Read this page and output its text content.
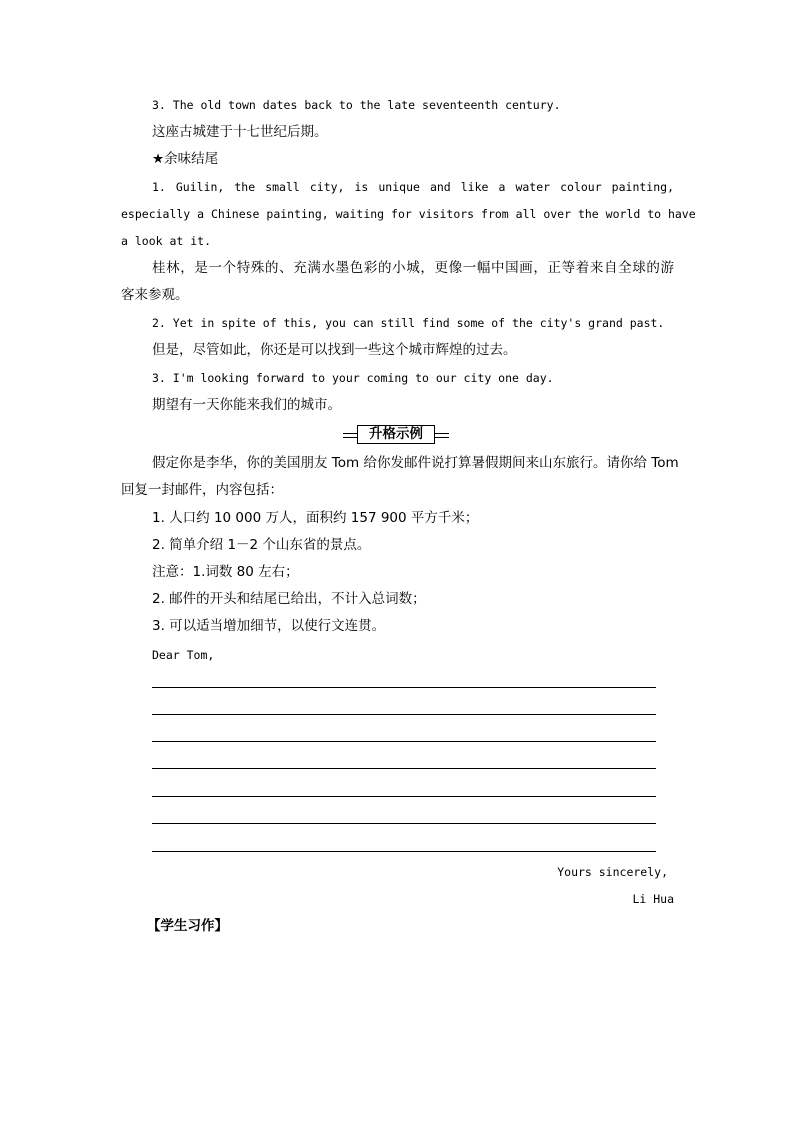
3. The old town dates back to the late seventeenth century.
这座古城建于十七世纪后期。
★余味结尾
1. Guilin, the small city, is unique and like a water colour painting,
especially a Chinese painting, waiting for visitors from all over the world to have
a look at it.
桂林，是一个特殊的、充满水墨色彩的小城，更像一幅中国画，正等着来自全球的游
客来参观。
2. Yet in spite of this, you can still find some of the city's grand past.
但是，尽管如此，你还是可以找到一些这个城市辉煌的过去。
3. I'm looking forward to your coming to our city one day.
期望有一天你能来我们的城市。
升格示例
假定你是李华，你的美国朋友 Tom 给你发邮件说打算暑假期间来山东旅行。请你给 Tom
回复一封邮件，内容包括：
1. 人口约 10 000 万人，面积约 157 900 平方千米；
2. 简单介绍 1－2 个山东省的景点。
注意：1.词数 80 左右；
2. 邮件的开头和结尾已给出，不计入总词数；
3. 可以适当增加细节，以使行文连贯。
Dear Tom,
Yours sincerely,
Li Hua
【学生习作】
